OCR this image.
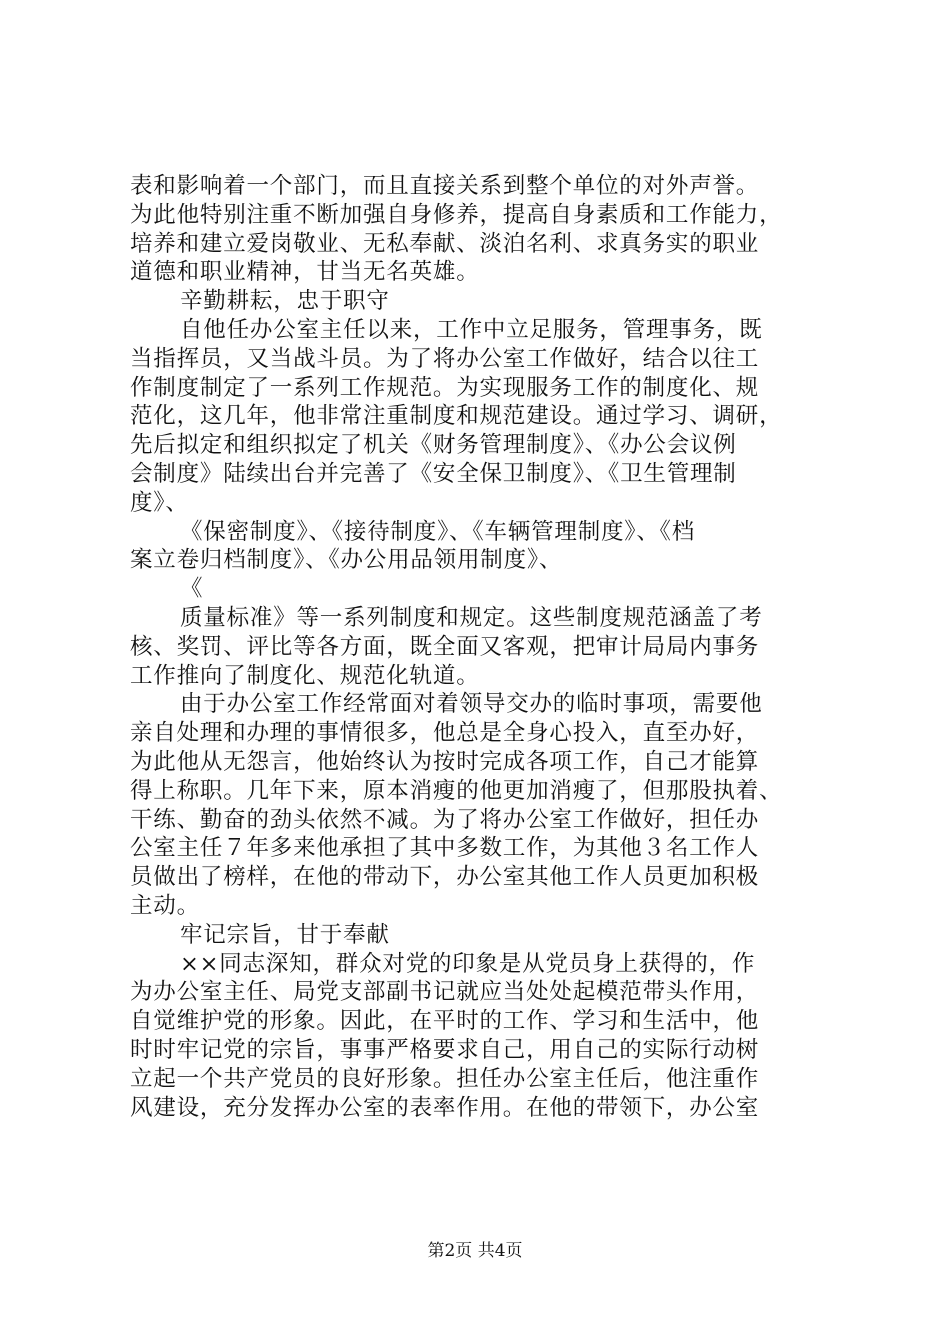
表和影响着一个部门，而且直接关系到整个单位的对外声誉。
为此他特别注重不断加强自身修养，提高自身素质和工作能力，
培养和建立爱岗敬业、无私奉献、淡泊名利、求真务实的职业
道德和职业精神，甘当无名英雄。
辛勤耕耘，忠于职守
自他任办公室主任以来，工作中立足服务，管理事务，既
当指挥员，又当战斗员。为了将办公室工作做好，结合以往工
作制度制定了一系列工作规范。为实现服务工作的制度化、规
范化，这几年，他非常注重制度和规范建设。通过学习、调研，
先后拟定和组织拟定了机关《财务管理制度》、《办公会议例
会制度》陆续出台并完善了《安全保卫制度》、《卫生管理制
度》、
《保密制度》、《接待制度》、《车辆管理制度》、《档
案立卷归档制度》、《办公用品领用制度》、
《
质量标准》等一系列制度和规定。这些制度规范涵盖了考
核、奖罚、评比等各方面，既全面又客观，把审计局局内事务
工作推向了制度化、规范化轨道。
由于办公室工作经常面对着领导交办的临时事项，需要他
亲自处理和办理的事情很多，他总是全身心投入，直至办好，
为此他从无怨言，他始终认为按时完成各项工作，自己才能算
得上称职。几年下来，原本消瘦的他更加消瘦了，但那股执着、
干练、勤奋的劲头依然不减。为了将办公室工作做好，担任办
公室主任７年多来他承担了其中多数工作，为其他３名工作人
员做出了榜样，在他的带动下，办公室其他工作人员更加积极
主动。
牢记宗旨，甘于奉献
××同志深知，群众对党的印象是从党员身上获得的，作
为办公室主任、局党支部副书记就应当处处起模范带头作用，
自觉维护党的形象。因此，在平时的工作、学习和生活中，他
时时牢记党的宗旨，事事严格要求自己，用自己的实际行动树
立起一个共产党员的良好形象。担任办公室主任后，他注重作
风建设，充分发挥办公室的表率作用。在他的带领下，办公室
第2页 共4页
